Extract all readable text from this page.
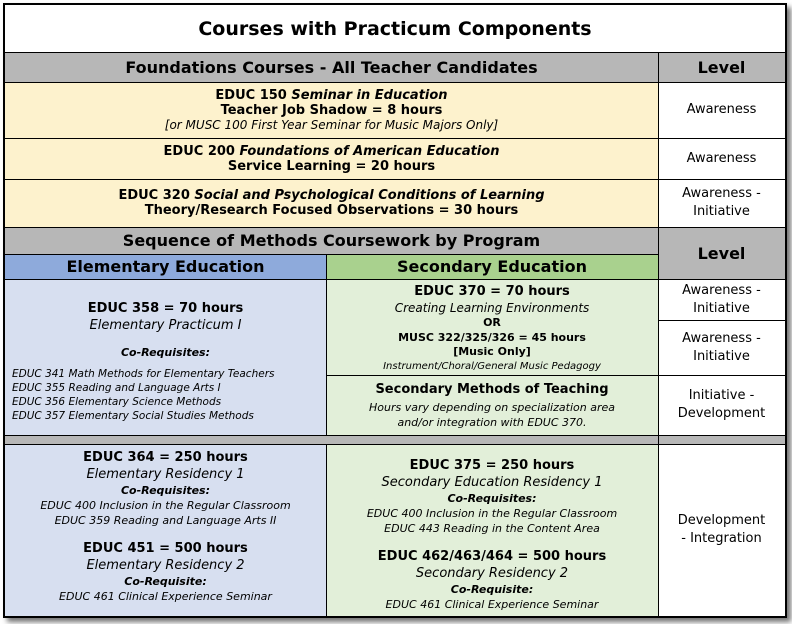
Courses with Practicum Components
Foundations Courses - All Teacher Candidates	Level
EDUC 150 Seminar in Education
Teacher Job Shadow = 8 hours
[or MUSC 100 First Year Seminar for Music Majors Only]
Awareness
EDUC 200 Foundations of American Education
Service Learning = 20 hours
Awareness
EDUC 320 Social and Psychological Conditions of Learning
Theory/Research Focused Observations = 30 hours
Awareness -
Initiative
Sequence of Methods Coursework by Program
Level
Elementary Education	Secondary Education
EDUC 358 = 70 hours
Elementary Practicum I
Co-Requisites:
EDUC 341 Math Methods for Elementary Teachers
EDUC 355 Reading and Language Arts I
EDUC 356 Elementary Science Methods
EDUC 357 Elementary Social Studies Methods
EDUC 370 = 70 hours
Creating Learning Environments
OR
MUSC 322/325/326 = 45 hours
[Music Only]
Instrument/Choral/General Music Pedagogy
Awareness -
Initiative
Awareness -
Initiative
Secondary Methods of Teaching
Hours vary depending on specialization area
and/or integration with EDUC 370.
Initiative -
Development
EDUC 364 = 250 hours
Elementary Residency 1
Co-Requisites:
EDUC 400 Inclusion in the Regular Classroom
EDUC 359 Reading and Language Arts II
EDUC 451 = 500 hours
Elementary Residency 2
Co-Requisite:
EDUC 461 Clinical Experience Seminar
EDUC 375 = 250 hours
Secondary Education Residency 1
Co-Requisites:
EDUC 400 Inclusion in the Regular Classroom
EDUC 443 Reading in the Content Area
EDUC 462/463/464 = 500 hours
Secondary Residency 2
Co-Requisite:
EDUC 461 Clinical Experience Seminar
Development
- Integration
